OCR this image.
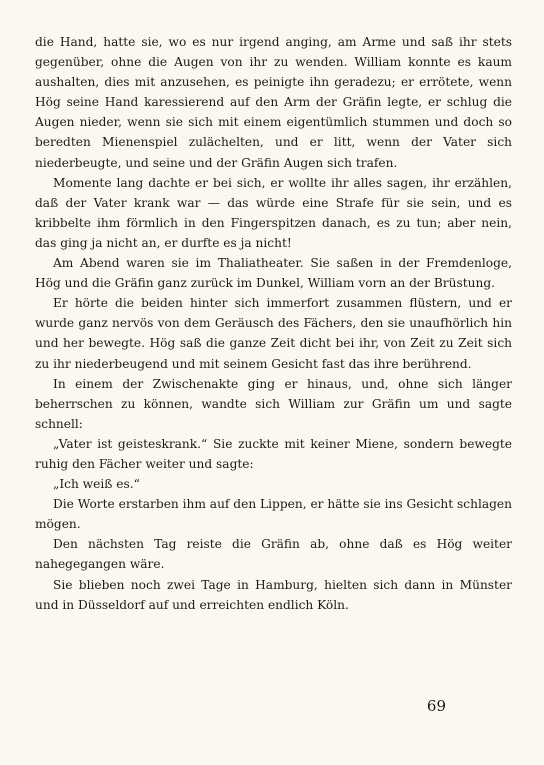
die Hand, hatte sie, wo es nur irgend anging, am Arme und saß ihr stets gegenüber, ohne die Augen von ihr zu wenden. William konnte es kaum aushalten, dies mit anzusehen, es peinigte ihn geradezu; er errötete, wenn Hög seine Hand karessierend auf den Arm der Gräfin legte, er schlug die Augen nieder, wenn sie sich mit einem eigentümlich stummen und doch so beredten Mienenspiel zulächelten, und er litt, wenn der Vater sich niederbeugte, und seine und der Gräfin Augen sich trafen.

Momente lang dachte er bei sich, er wollte ihr alles sagen, ihr erzählen, daß der Vater krank war — das würde eine Strafe für sie sein, und es kribbelte ihm förmlich in den Fingerspitzen danach, es zu tun; aber nein, das ging ja nicht an, er durfte es ja nicht!

Am Abend waren sie im Thaliatheater. Sie saßen in der Fremdenloge, Hög und die Gräfin ganz zurück im Dunkel, William vorn an der Brüstung.

Er hörte die beiden hinter sich immerfort zusammen flüstern, und er wurde ganz nervös von dem Geräusch des Fächers, den sie unaufhörlich hin und her bewegte. Hög saß die ganze Zeit dicht bei ihr, von Zeit zu Zeit sich zu ihr niederbeugend und mit seinem Gesicht fast das ihre berührend.

In einem der Zwischenakte ging er hinaus, und, ohne sich länger beherrschen zu können, wandte sich William zur Gräfin um und sagte schnell:

„Vater ist geisteskrank.“ Sie zuckte mit keiner Miene, sondern bewegte ruhig den Fächer weiter und sagte:

„Ich weiß es.“

Die Worte erstarben ihm auf den Lippen, er hätte sie ins Gesicht schlagen mögen.

Den nächsten Tag reiste die Gräfin ab, ohne daß es Hög weiter nahegegangen wäre.

Sie blieben noch zwei Tage in Hamburg, hielten sich dann in Münster und in Düsseldorf auf und erreichten endlich Köln.

69
